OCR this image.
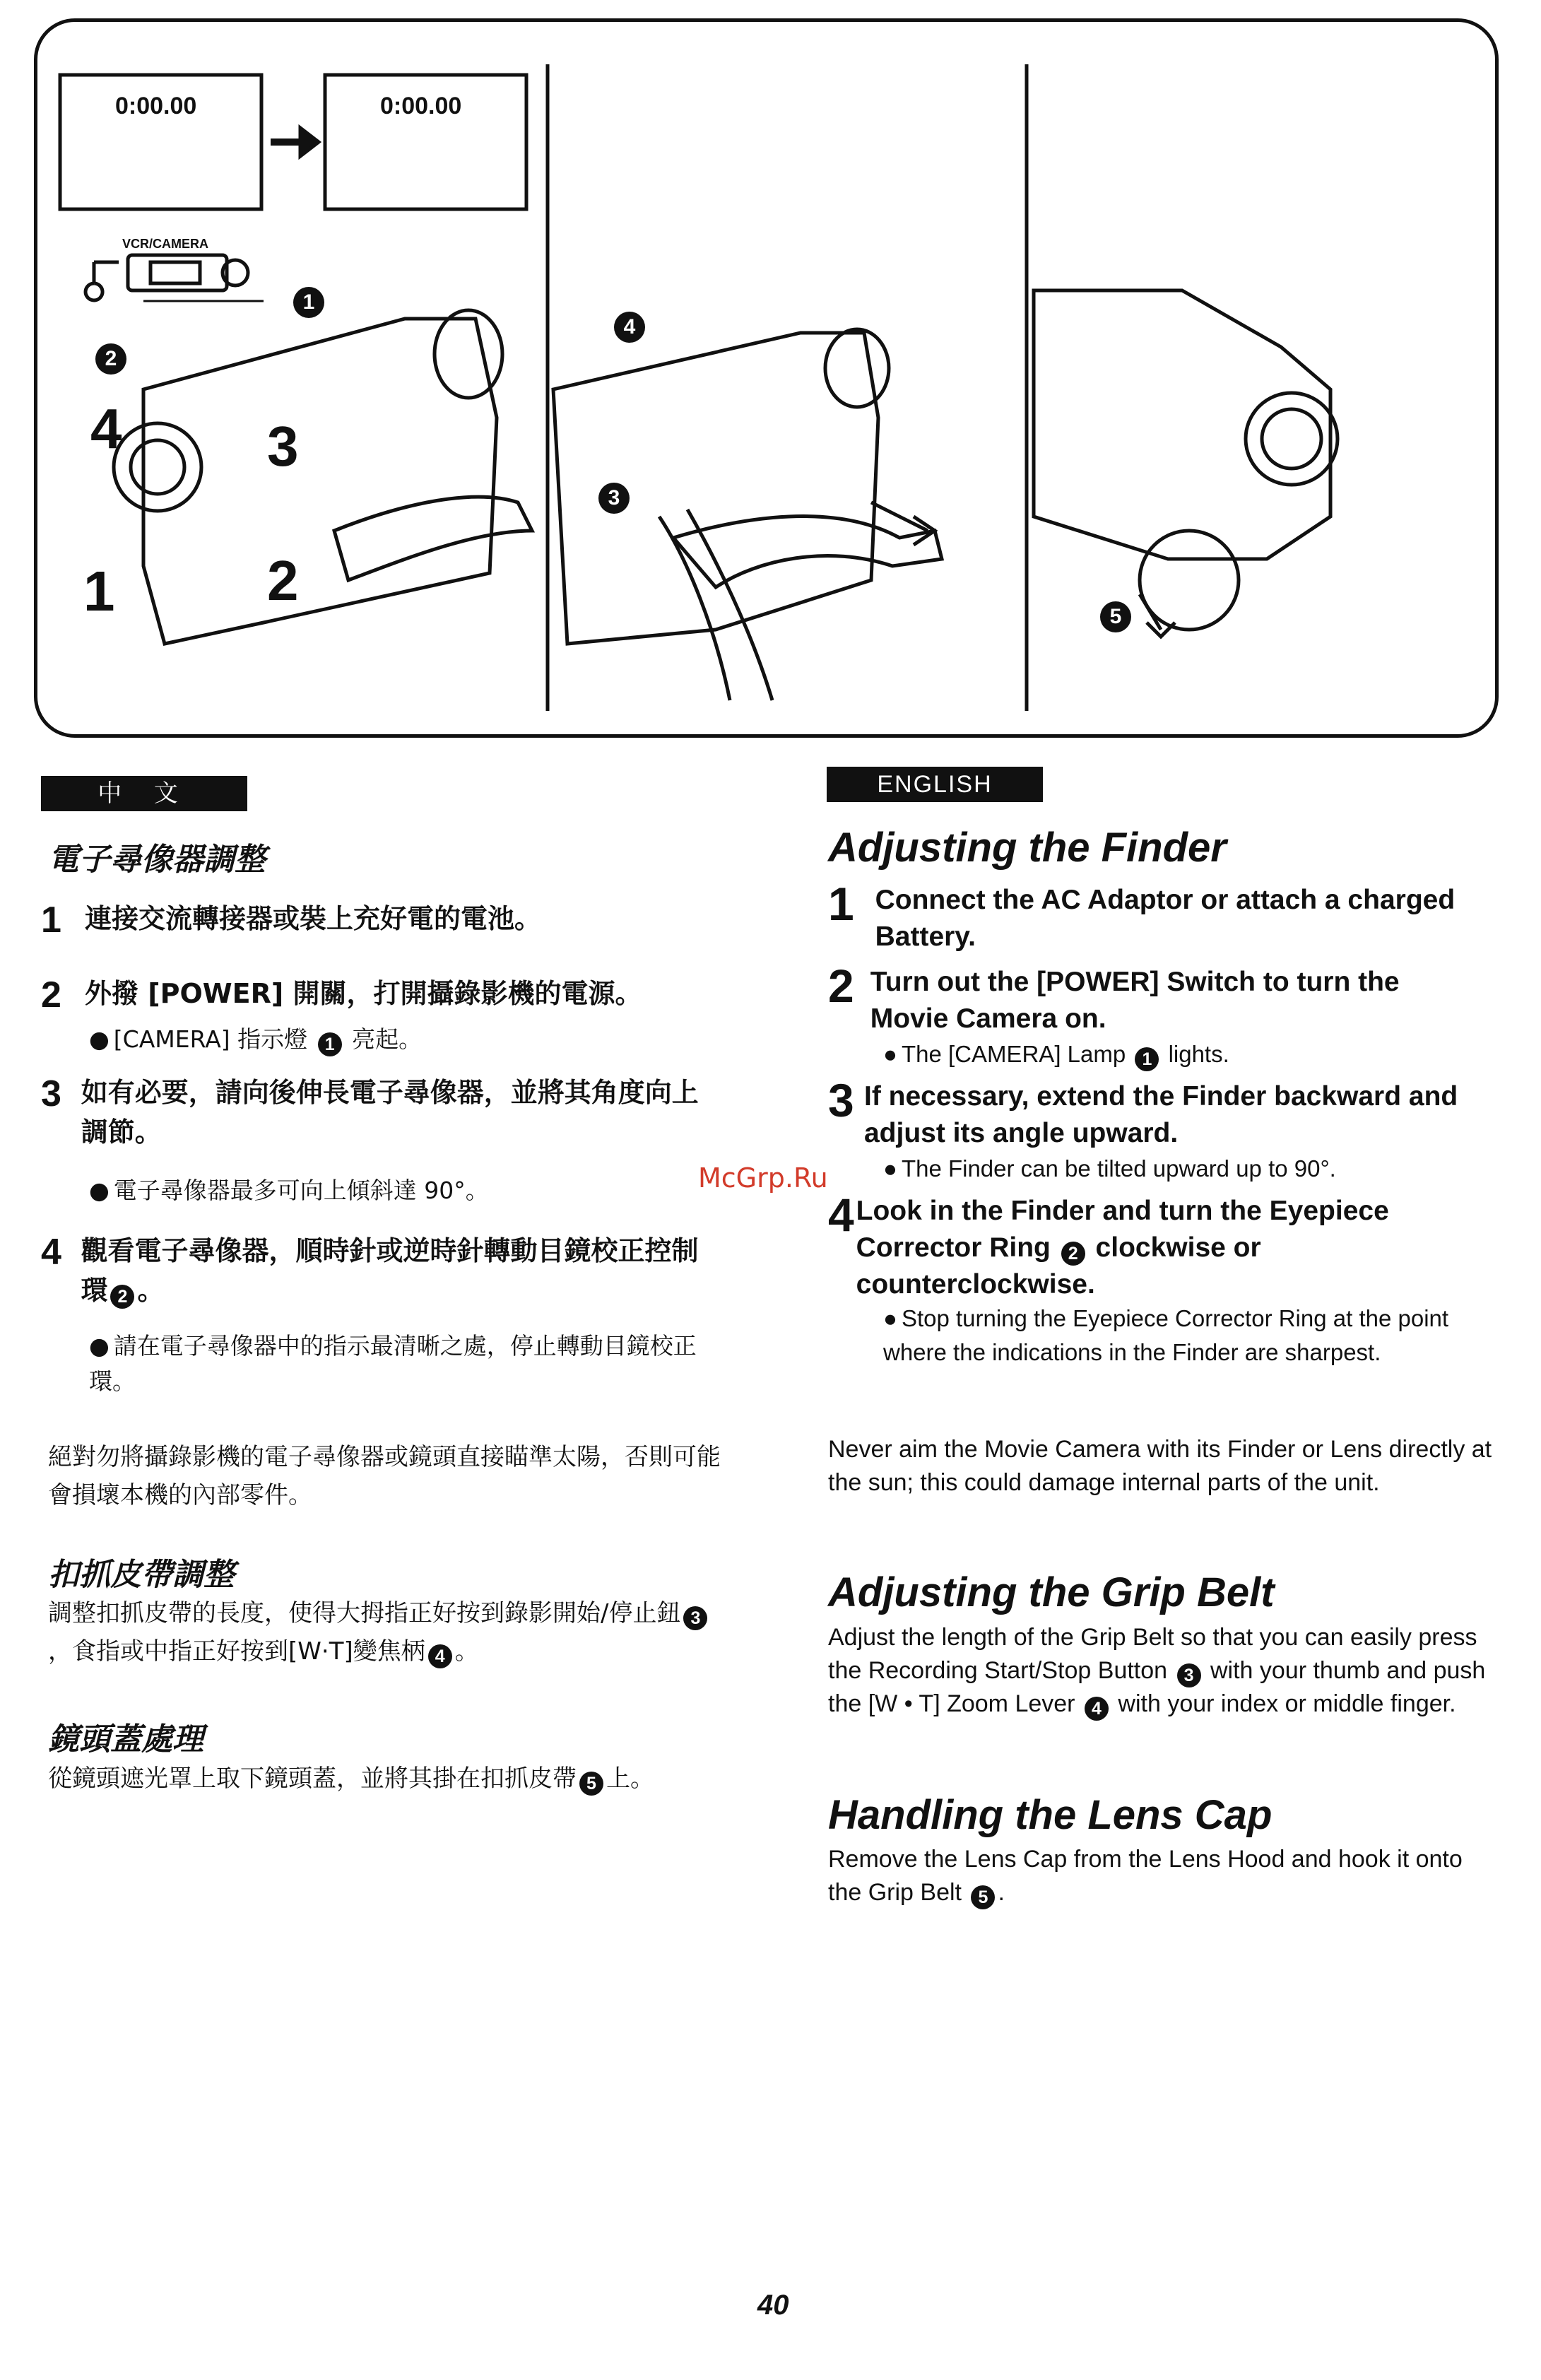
0:00.00	0:00.00
VCR/CAMERA
1
2
4
3
5
1	2
3
4
中 文
電子尋像器調整
1 連接交流轉接器或裝上充好電的電池。
2 外撥 [POWER] 開關，打開攝錄影機的電源。
● [CAMERA] 指示燈 1 亮起。
3 如有必要，請向後伸長電子尋像器，並將其角度向上調節。
● 電子尋像器最多可向上傾斜達 90°。
4 觀看電子尋像器，順時針或逆時針轉動目鏡校正控制環 2 。
● 請在電子尋像器中的指示最清晰之處，停止轉動目鏡校正環。
絕對勿將攝錄影機的電子尋像器或鏡頭直接瞄準太陽，否則可能會損壞本機的內部零件。
扣抓皮帶調整
調整扣抓皮帶的長度，使得大拇指正好按到錄影開始/停止鈕 3，食指或中指正好按到[W·T]變焦柄 4 。
鏡頭蓋處理
從鏡頭遮光罩上取下鏡頭蓋，並將其掛在扣抓皮帶 5 上。
ENGLISH
Adjusting the Finder
1 Connect the AC Adaptor or attach a charged Battery.
2 Turn out the [POWER] Switch to turn the Movie Camera on.
● The [CAMERA] Lamp 1 lights.
3 If necessary, extend the Finder backward and adjust its angle upward.
● The Finder can be tilted upward up to 90°.
4 Look in the Finder and turn the Eyepiece Corrector Ring 2 clockwise or counterclockwise.
● Stop turning the Eyepiece Corrector Ring at the point where the indications in the Finder are sharpest.
Never aim the Movie Camera with its Finder or Lens directly at the sun; this could damage internal parts of the unit.
Adjusting the Grip Belt
Adjust the length of the Grip Belt so that you can easily press the Recording Start/Stop Button 3 with your thumb and push the [W • T] Zoom Lever 4 with your index or middle finger.
Handling the Lens Cap
Remove the Lens Cap from the Lens Hood and hook it onto the Grip Belt 5 .
McGrp.Ru
40
